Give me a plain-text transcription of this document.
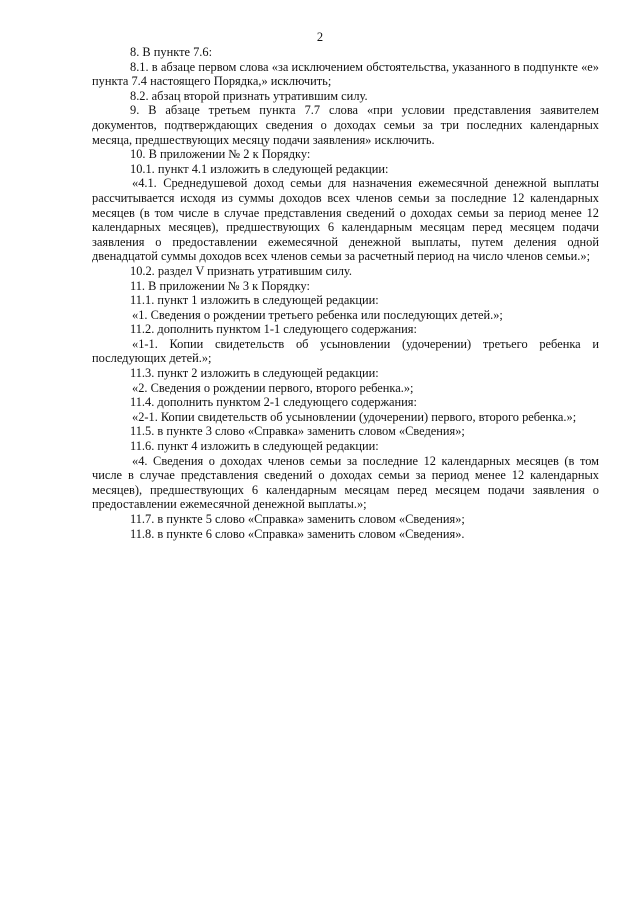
2

8. В пункте 7.6:

8.1. в абзаце первом слова «за исключением обстоятельства, указанного в подпункте «е» пункта 7.4 настоящего Порядка,» исключить;

8.2. абзац второй признать утратившим силу.

9. В абзаце третьем пункта 7.7 слова «при условии представления заявителем документов, подтверждающих сведения о доходах семьи за три последних календарных месяца, предшествующих месяцу подачи заявления» исключить.

10. В приложении № 2 к Порядку:

10.1. пункт 4.1 изложить в следующей редакции:

«4.1. Среднедушевой доход семьи для назначения ежемесячной денежной выплаты рассчитывается исходя из суммы доходов всех членов семьи за последние 12 календарных месяцев (в том числе в случае представления сведений о доходах семьи за период менее 12 календарных месяцев), предшествующих 6 календарным месяцам перед месяцем подачи заявления о предоставлении ежемесячной денежной выплаты, путем деления одной двенадцатой суммы доходов всех членов семьи за расчетный период на число членов семьи.»;

10.2. раздел V признать утратившим силу.

11. В приложении № 3 к Порядку:

11.1. пункт 1 изложить в следующей редакции:

«1. Сведения о рождении третьего ребенка или последующих детей.»;

11.2. дополнить пунктом 1-1 следующего содержания:

«1-1. Копии свидетельств об усыновлении (удочерении) третьего ребенка и последующих детей.»;

11.3. пункт 2 изложить в следующей редакции:

«2. Сведения о рождении первого, второго ребенка.»;

11.4. дополнить пунктом 2-1 следующего содержания:

«2-1. Копии свидетельств об усыновлении (удочерении) первого, второго ребенка.»;

11.5. в пункте 3 слово «Справка» заменить словом «Сведения»;

11.6. пункт 4 изложить в следующей редакции:

«4. Сведения о доходах членов семьи за последние 12 календарных месяцев (в том числе в случае представления сведений о доходах семьи за период менее 12 календарных месяцев), предшествующих 6 календарным месяцам перед месяцем подачи заявления о предоставлении ежемесячной денежной выплаты.»;

11.7. в пункте 5 слово «Справка» заменить словом «Сведения»;

11.8. в пункте 6 слово «Справка» заменить словом «Сведения».
